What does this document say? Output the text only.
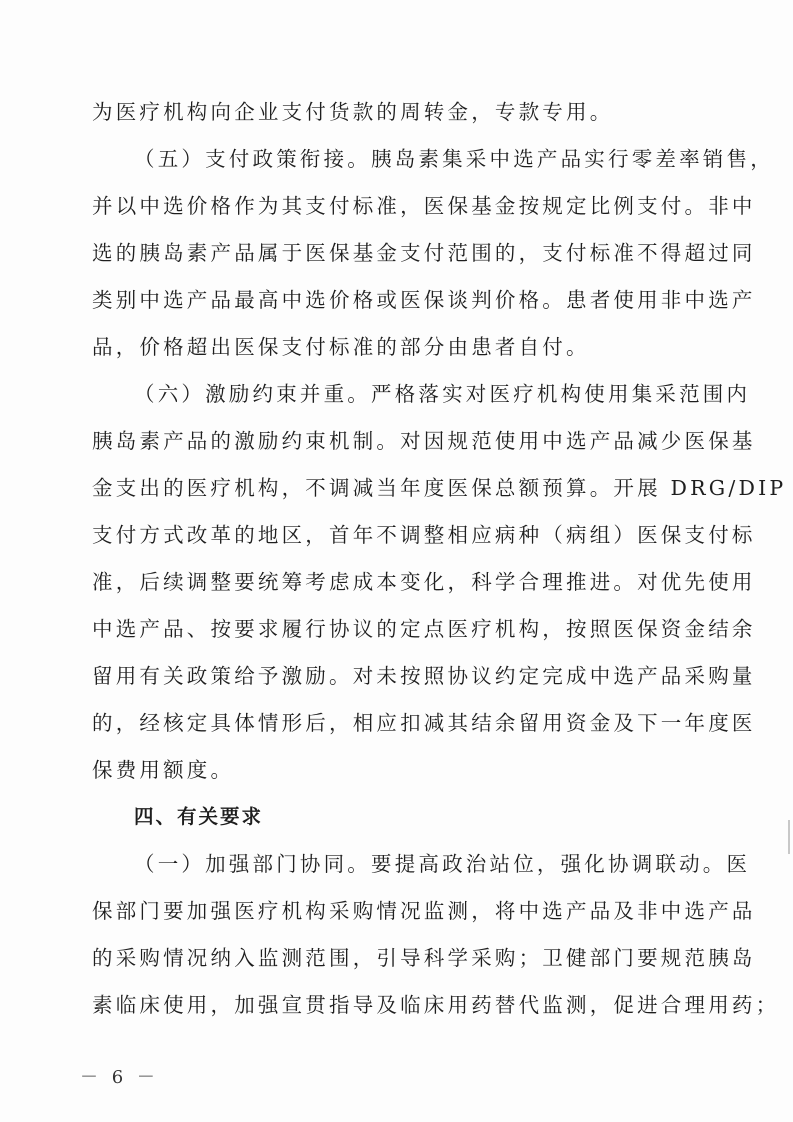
为医疗机构向企业支付货款的周转金，专款专用。
（五）支付政策衔接。胰岛素集采中选产品实行零差率销售，
并以中选价格作为其支付标准，医保基金按规定比例支付。非中
选的胰岛素产品属于医保基金支付范围的，支付标准不得超过同
类别中选产品最高中选价格或医保谈判价格。患者使用非中选产
品，价格超出医保支付标准的部分由患者自付。
（六）激励约束并重。严格落实对医疗机构使用集采范围内
胰岛素产品的激励约束机制。对因规范使用中选产品减少医保基
金支出的医疗机构，不调减当年度医保总额预算。开展 DRG/DIP
支付方式改革的地区，首年不调整相应病种（病组）医保支付标
准，后续调整要统筹考虑成本变化，科学合理推进。对优先使用
中选产品、按要求履行协议的定点医疗机构，按照医保资金结余
留用有关政策给予激励。对未按照协议约定完成中选产品采购量
的，经核定具体情形后，相应扣减其结余留用资金及下一年度医
保费用额度。
四、有关要求
（一）加强部门协同。要提高政治站位，强化协调联动。医
保部门要加强医疗机构采购情况监测，将中选产品及非中选产品
的采购情况纳入监测范围，引导科学采购；卫健部门要规范胰岛
素临床使用，加强宣贯指导及临床用药替代监测，促进合理用药；
－ 6 －
